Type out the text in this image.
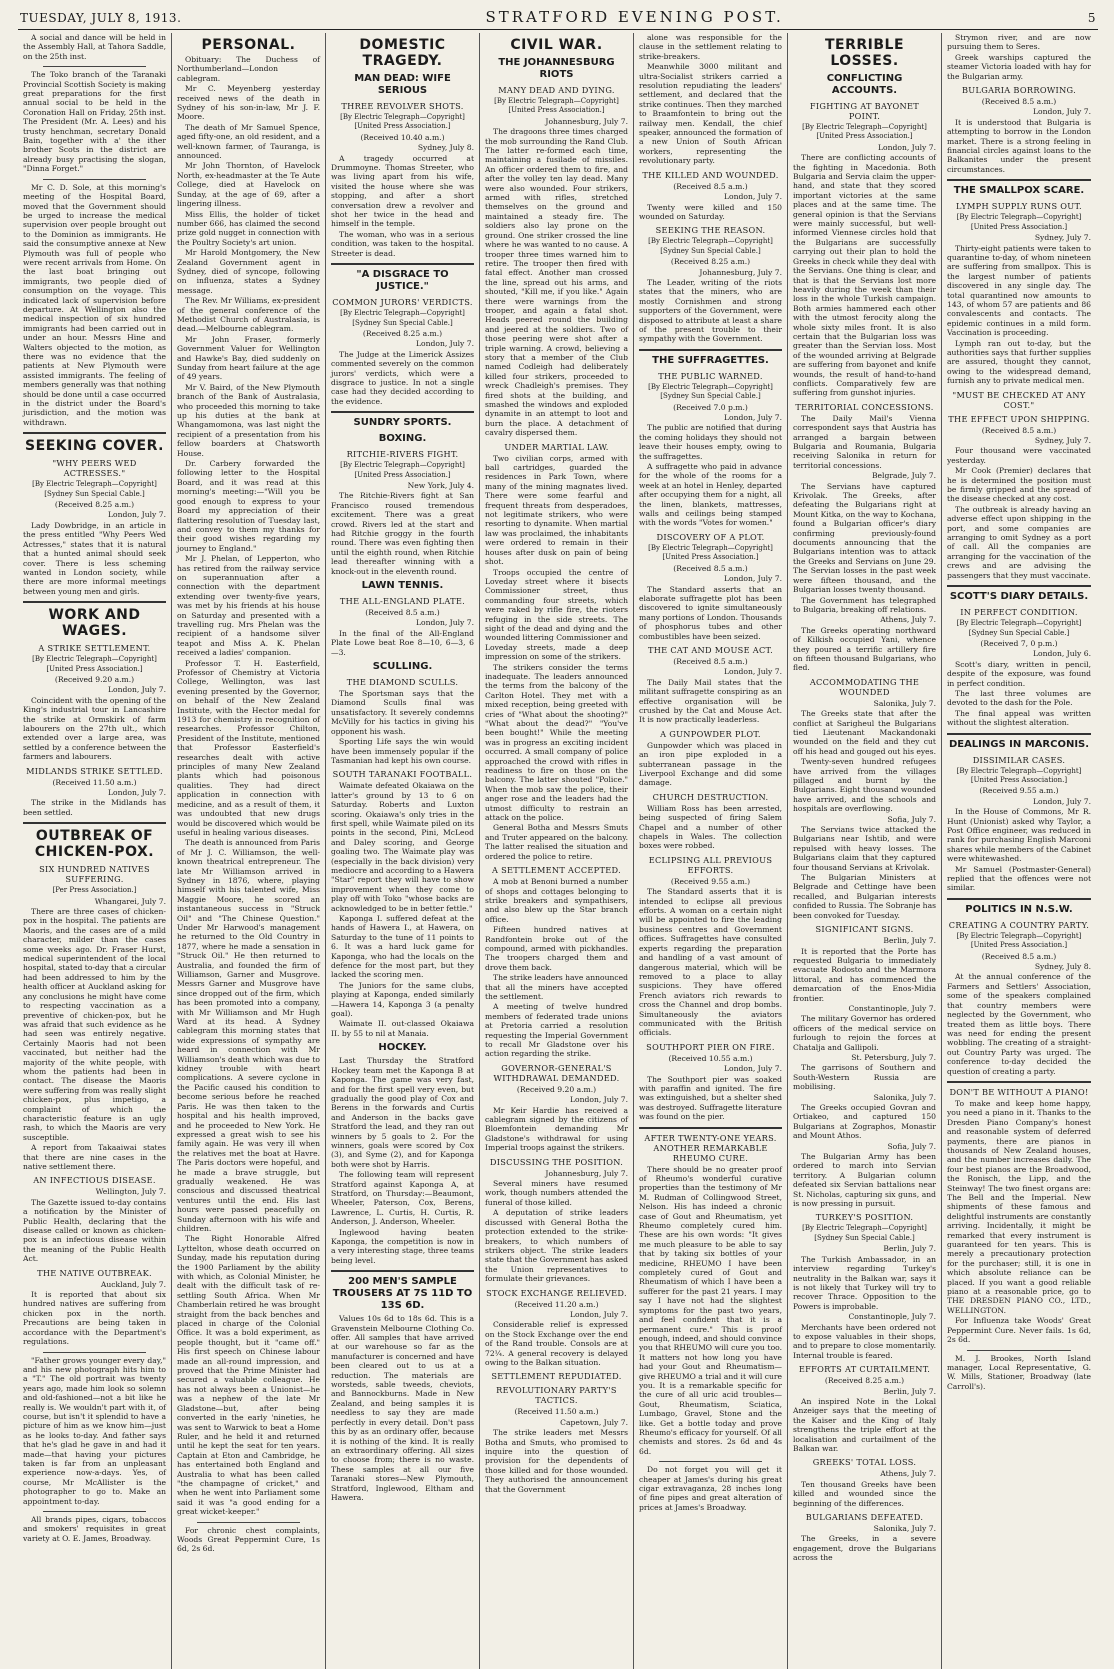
TUESDAY, JULY 8, 1913.	STRATFORD EVENING POST.	5

A social and dance will be held in the Assembly Hall, at Tahora Saddle, on the 25th inst.

The Toko branch of the Taranaki Provincial Scottish Society is making great preparations for the first annual social to be held in the Coronation Hall on Friday, 25th inst. The President (Mr. A. Lees) and his trusty henchman, secretary Donald Bain, together with a' the ither brother Scots in the district are already busy practising the slogan, "Dinna Forget."

Mr C. D. Sole, at this morning's meeting of the Hospital Board, moved that the Government should be urged to increase the medical supervision over people brought out to the Dominion as immigrants. He said the consumptive annexe at New Plymouth was full of people who were recent arrivals from Home. On the last boat bringing out immigrants, two people died of consumption on the voyage. This indicated lack of supervision before departure. At Wellington also the medical inspection of six hundred immigrants had been carried out in under an hour. Messrs Hine and Walters objected to the motion, as there was no evidence that the patients at New Plymouth were assisted immigrants. The feeling of members generally was that nothing should be done until a case occurred in the district under the Board's jurisdiction, and the motion was withdrawn.

SEEKING COVER.
"WHY PEERS WED ACTRESSES."

[By Electric Telegraph—Copyright] [Sydney Sun Special Cable.]

(Received 8.25 a.m.)

London, July 7.

Lady Dowbridge, in an article in the press entitled "Why Peers Wed Actresses," states that it is natural that a hunted animal should seek cover. There is less scheming wanted in London society, while there are more informal meetings between young men and girls.

WORK AND WAGES.
A STRIKE SETTLEMENT.

[By Electric Telegraph—Copyright] [United Press Association.]

(Received 9.20 a.m.)

London, July 7.

Coincident with the opening of the King's industrial tour in Lancashire the strike at Ormskirk of farm labourers on the 27th ult., which extended over a large area, was settled by a conference between the farmers and labourers.

MIDLANDS STRIKE SETTLED.

(Received 11.50 a.m.)

London, July 7.

The strike in the Midlands has been settled.

OUTBREAK OF CHICKEN-POX.
SIX HUNDRED NATIVES SUFFERING.

[Per Press Association.]

Whangarei, July 7.

There are three cases of chicken-pox in the hospital. The patients are Maoris, and the cases are of a mild character, milder than the cases some weeks ago. Dr. Fraser Hurst, medical superintendent of the local hospital, stated to-day that a circular had been addressed to him by the health officer at Auckland asking for any conclusions he might have come to respecting vaccination as a preventive of chicken-pox, but he was afraid that such evidence as he had seen was entirely negative. Certainly Maoris had not been vaccinated, but neither had the majority of the white people, with whom the patients had been in contact. The disease the Maoris were suffering from was really slight chicken-pox, plus impetigo, a complaint of which the characteristic feature is an ugly rash, to which the Maoris are very susceptible.

A report from Takaaiwai states that there are nine cases in the native settlement there.

AN INFECTIOUS DISEASE.

Wellington, July 7.

The Gazette issued to-day contains a notification by the Minister of Public Health, declaring that the disease called or known as chicken-pox is an infectious disease within the meaning of the Public Health Act.

THE NATIVE OUTBREAK.

Auckland, July 7.

It is reported that about six hundred natives are suffering from chicken pox in the north. Precautions are being taken in accordance with the Department's regulations.

"Father grows younger every day," and his new photograph hits him to a "T." The old portrait was twenty years ago, made him look so solemn and old-fashioned—not a bit like he really is. We wouldn't part with it, of course, but isn't it splendid to have a picture of him as we know him—just as he looks to-day. And father says that he's glad he gave in and had it made—that having your pictures taken is far from an unpleasant experience now-a-days. Yes, of course, Mr McAllister is the photographer to go to. Make an appointment to-day.

All brands pipes, cigars, tobaccos and smokers' requisites in great variety at O. E. James, Broadway.

PERSONAL.

Obituary: The Duchess of Northumberland—London cablegram.

Mr C. Meyenberg yesterday received news of the death in Sydney of his son-in-law, Mr J. F. Moore.

The death of Mr Samuel Spence, aged fifty-one, an old resident, and a well-known farmer, of Tauranga, is announced.

Mr John Thornton, of Havelock North, ex-headmaster at the Te Aute College, died at Havelock on Sunday, at the age of 69, after a lingering illness.

Miss Ellis, the holder of ticket number 666, has claimed the second prize gold nugget in connection with the Poultry Society's art union.

Mr Harold Montgomery, the New Zealand Government agent in Sydney, died of syncope, following on influenza, states a Sydney message.

The Rev. Mr Williams, ex-president of the general conference of the Methodist Church of Australasia, is dead.—Melbourne cablegram.

Mr John Fraser, formerly Government Valuer for Wellington and Hawke's Bay, died suddenly on Sunday from heart failure at the age of 49 years.

Mr V. Baird, of the New Plymouth branch of the Bank of Australasia, who proceeded this morning to take up his duties at the bank at Whangamomona, was last night the recipient of a presentation from his fellow boarders at Chatsworth House.

Dr. Carbery forwarded the following letter to the Hospital Board, and it was read at this morning's meeting:—"Will you be good enough to express to your Board my appreciation of their flattering resolution of Tuesday last, and convey to them my thanks for their good wishes regarding my journey to England."

Mr J. Phelan, of Lepperton, who has retired from the railway service on superannuation after a connection with the department extending over twenty-five years, was met by his friends at his house on Saturday and presented with a travelling rug. Mrs Phelan was the recipient of a handsome silver teapot and Miss A. K. Phelan received a ladies' companion.

Professor T. H. Easterfield, Professor of Chemistry at Victoria College, Wellington, was last evening presented by the Governor, on behalf of the New Zealand Institute, with the Hector medal for 1913 for chemistry in recognition of researches. Professor Chilton, President of the Institute, mentioned that Professor Easterfield's researches dealt with active principles of many New Zealand plants which had poisonous qualities. They had direct application in connection with medicine, and as a result of them, it was undoubted that new drugs would be discovered which would be useful in healing various diseases.

The death is announced from Paris of Mr J. C. Williamson, the well-known theatrical entrepreneur. The late Mr Williamson arrived in Sydney in 1876, where, playing himself with his talented wife, Miss Maggie Moore, he scored an instantaneous success in "Struck Oil" and "The Chinese Question." Under Mr Harwood's management he returned to the Old Country in 1877, where he made a sensation in "Struck Oil." He then returned to Australia, and founded the firm of Williamson, Garner and Musgrove. Messrs Garner and Musgrove have since dropped out of the firm, which has been promoted into a company, with Mr Williamson and Mr Hugh Ward at its head. A Sydney cablegram this morning states that wide expressions of sympathy are heard in connection with Mr Williamson's death which was due to kidney trouble with heart complications. A severe cyclone in the Pacific caused his condition to become serious before he reached Paris. He was then taken to the hospital and his health improved, and he proceeded to New York. He expressed a great wish to see his family again. He was very ill when the relatives met the boat at Havre. The Paris doctors were hopeful, and he made a brave struggle, but gradually weakened. He was conscious and discussed theatrical ventures until the end. His last hours were passed peacefully on Sunday afternoon with his wife and children.

The Right Honorable Alfred Lyttelton, whose death occurred on Sunday, made his reputation during the 1900 Parliament by the ability with which, as Colonial Minister, he dealt with the difficult task of re-settling South Africa. When Mr Chamberlain retired he was brought straight from the back benches and placed in charge of the Colonial Office. It was a bold experiment, as people thought, but it "came off." His first speech on Chinese labour made an all-round impression, and proved that the Prime Minister had secured a valuable colleague. He has not always been a Unionist—he was a nephew of the late Mr Gladstone—but, after being converted in the early 'nineties, he was sent to Warwick to beat a Home Ruler, and he held it and returned until he kept the seat for ten years. Captain at Eton and Cambridge, he has entertained both England and Australia to what has been called "the champagne of cricket," and when he went into Parliament some said it was "a good ending for a great wicket-keeper."

For chronic chest complaints, Woods Great Peppermint Cure, 1s 6d, 2s 6d.

DOMESTIC TRAGEDY.
MAN DEAD: WIFE SERIOUS
THREE REVOLVER SHOTS.

[By Electric Telegraph—Copyright] [United Press Association.]

(Received 10.40 a.m.)

Sydney, July 8.

A tragedy occurred at Drummoyne. Thomas Streeter, who was living apart from his wife, visited the house where she was stopping, and after a short conversation drew a revolver and shot her twice in the head and himself in the temple.

The woman, who was in a serious condition, was taken to the hospital. Streeter is dead.

"A DISGRACE TO JUSTICE."
COMMON JURORS' VERDICTS.

[By Electric Telegraph—Copyright] [Sydney Sun Special Cable.]

(Received 8.25 a.m.)

London, July 7.

The Judge at the Limerick Assizes commented severely on the common jurors' verdicts, which were a disgrace to justice. In not a single case had they decided according to the evidence.

SUNDRY SPORTS.
BOXING.
RITCHIE-RIVERS FIGHT.

[By Electric Telegraph—Copyright] [United Press Association.]

New York, July 4.

The Ritchie-Rivers fight at San Francisco roused tremendous excitement. There was a great crowd. Rivers led at the start and had Ritchie groggy in the fourth round. There was even fighting then until the eighth round, when Ritchie lead thereafter winning with a knock-out in the eleventh round.

LAWN TENNIS.
THE ALL-ENGLAND PLATE.

(Received 8.5 a.m.)

London, July 7.

In the final of the All-England Plate Lowe beat Roe 8—10, 6—3, 6—3.

SCULLING.
THE DIAMOND SCULLS.

The Sportsman says that the Diamond Sculls final was unsatisfactory. It severely condemns McVilly for his tactics in giving his opponent his wash.

Sporting Life says the win would have been immensely popular if the Tasmanian had kept his own course.

SOUTH TARANAKI FOOTBALL.

Waimate defeated Okaiawa on the latter's ground by 13 to 6 on Saturday. Roberts and Luxton scoring. Okaiawa's only tries in the first spell, while Waimate piled on its points in the second, Pini, McLeod and Daley scoring, and George goaling two. The Waimate play was (especially in the back division) very mediocre and according to a Hawera "Star" report they will have to show improvement when they come to play off with Toko "whose backs are acknowledged to be in better fettle."

Kaponga I. suffered defeat at the hands of Hawera I., at Hawera, on Saturday to the tune of 11 points to 6. It was a hard luck game for Kaponga, who had the locals on the defence for the most part, but they lacked the scoring men.

The Juniors for the same clubs, playing at Kaponga, ended similarly—Hawera 14, Kaponga 3 (a penalty goal).

Waimate II. out-classed Okaiawa II. by 55 to nil at Manaia.

HOCKEY.

Last Thursday the Stratford Hockey team met the Kaponga B at Kaponga. The game was very fast, and for the first spell very even, but gradually the good play of Cox and Berens in the forwards and Curtis and Anderson in the backs gave Stratford the lead, and they ran out winners by 5 goals to 2. For the winners, goals were scored by Cox (3), and Syme (2), and for Kaponga both were shot by Harris.

The following team will represent Stratford against Kaponga A, at Stratford, on Thursday:—Beaumont, Wheeler, Paterson, Cox, Berens, Lawrence, L. Curtis, H. Curtis, R. Anderson, J. Anderson, Wheeler.

Inglewood having beaten Kaponga, the competition is now in a very interesting stage, three teams being level.

200 MEN'S SAMPLE TROUSERS AT 7S 11D TO 13S 6D.

Values 10s 6d to 18s 6d. This is a Gravenstein Melbourne Clothing Co. offer. All samples that have arrived at our warehouse so far as the manufacturer is concerned and have been cleared out to us at a reduction. The materials are worsteds, sable tweeds, cheviots, and Bannockburns. Made in New Zealand, and being samples it is needless to say they are made perfectly in every detail. Don't pass this by as an ordinary offer, because it is nothing of the kind. It is really an extraordinary offering. All sizes to choose from; there is no waste. These samples at all our five Taranaki stores—New Plymouth, Stratford, Inglewood, Eltham and Hawera.

CIVIL WAR.
THE JOHANNESBURG RIOTS
MANY DEAD AND DYING.

[By Electric Telegraph—Copyright] [United Press Association.]

Johannesburg, July 7.

The dragoons three times charged the mob surrounding the Rand Club. The latter re-formed each time, maintaining a fusilade of missiles. An officer ordered them to fire, and after the volley ten lay dead. Many were also wounded. Four strikers, armed with rifles, stretched themselves on the ground and maintained a steady fire. The soldiers also lay prone on the ground. One striker crossed the line where he was wanted to no cause. A trooper three times warned him to retire. The trooper then fired with fatal effect. Another man crossed the line, spread out his arms, and shouted, "Kill me, if you like." Again there were warnings from the trooper, and again a fatal shot. Heads peered round the building and jeered at the soldiers. Two of those peering were shot after a triple warning. A crowd, believing a story that a member of the Club named Codleigh had deliberately killed four strikers, proceeded to wreck Chadleigh's premises. They fired shots at the building, and smashed the windows and exploded dynamite in an attempt to loot and burn the place. A detachment of cavalry dispersed them.

UNDER MARTIAL LAW.

Two civilian corps, armed with ball cartridges, guarded the residences in Park Town, where many of the mining magnates lived. There were some fearful and frequent threats from desperadoes, not legitimate strikers, who were resorting to dynamite. When martial law was proclaimed, the inhabitants were ordered to remain in their houses after dusk on pain of being shot.

Troops occupied the centre of Loveday street where it bisects Commissioner street, thus commanding four streets, which were raked by rifle fire, the rioters refuging in the side streets. The sight of the dead and dying and the wounded littering Commissioner and Loveday streets, made a deep impression on some of the strikers.

The strikers consider the terms inadequate. The leaders announced the terms from the balcony of the Carlton Hotel. They met with a mixed reception, being greeted with cries of "What about the shooting?" "What about the dead?" "You've been bought!" While the meeting was in progress an exciting incident occurred. A small company of police approached the crowd with rifles in readiness to fire on those on the balcony. The latter shouted "Police." When the mob saw the police, their anger rose and the leaders had the utmost difficulty to restrain an attack on the police.

General Botha and Messrs Smuts and Truter appeared on the balcony. The latter realised the situation and ordered the police to retire.

A SETTLEMENT ACCEPTED.

A mob at Benoni burned a number of shops and cottages belonging to strike breakers and sympathisers, and also blew up the Star branch office.

Fifteen hundred natives at Randfontein broke out of the compound, armed with pickhandles. The troopers charged them and drove them back.

The strike leaders have announced that all the miners have accepted the settlement.

A meeting of twelve hundred members of federated trade unions at Pretoria carried a resolution requesting the Imperial Government to recall Mr Gladstone over his action regarding the strike.

GOVERNOR-GENERAL'S WITHDRAWAL DEMANDED.

(Received 9.20 a.m.)

London, July 7.

Mr Keir Hardie has received a cablegram signed by the citizens of Bloemfontein demanding Mr Gladstone's withdrawal for using Imperial troops against the strikers.

DISCUSSING THE POSITION.

Johannesburg, July 7.

Several miners have resumed work, though numbers attended the funeral of those killed.

A deputation of strike leaders discussed with General Botha the protection extended to the strike-breakers, to which numbers of strikers object. The strike leaders state that the Government has asked the Union representatives to formulate their grievances.

STOCK EXCHANGE RELIEVED.

(Received 11.20 a.m.)

London, July 7.

Considerable relief is expressed on the Stock Exchange over the end of the Rand trouble. Consols are at 72¼. A general recovery is delayed owing to the Balkan situation.

SETTLEMENT REPUDIATED.
REVOLUTIONARY PARTY'S TACTICS.

(Received 11.50 a.m.)

Capetown, July 7.

The strike leaders met Messrs Botha and Smuts, who promised to inquire into the question of provision for the dependents of those killed and for those wounded. They authorised the announcement that the Government

alone was responsible for the clause in the settlement relating to strike-breakers.

Meanwhile 3000 militant and ultra-Socialist strikers carried a resolution repudiating the leaders' settlement, and declared that the strike continues. Then they marched to Braamfontein to bring out the railway men. Kendall, the chief speaker, announced the formation of a new Union of South African workers, representing the revolutionary party.

THE KILLED AND WOUNDED.

(Received 8.5 a.m.)

London, July 7.

Twenty were killed and 150 wounded on Saturday.

SEEKING THE REASON.

[By Electric Telegraph—Copyright] [Sydney Sun Special Cable.]

(Received 8.25 a.m.)

Johannesburg, July 7.

The Leader, writing of the riots states that the miners, who are mostly Cornishmen and strong supporters of the Government, were disposed to attribute at least a share of the present trouble to their sympathy with the Government.

THE SUFFRAGETTES.
THE PUBLIC WARNED.

[By Electric Telegraph—Copyright] [Sydney Sun Special Cable.]

(Received 7.0 p.m.)

London, July 7.

The public are notified that during the coming holidays they should not leave their houses empty, owing to the suffragettes.

A suffragette who paid in advance for the whole of the rooms for a week at an hotel in Henley, departed after occupying them for a night, all the linen, blankets, mattresses, walls and ceilings being stamped with the words "Votes for women."

DISCOVERY OF A PLOT.

[By Electric Telegraph—Copyright] [United Press Association.]

(Received 8.5 a.m.)

London, July 7.

The Standard asserts that an elaborate suffragette plot has been discovered to ignite simultaneously many portions of London. Thousands of phosphorus tubes and other combustibles have been seized.

THE CAT AND MOUSE ACT.

(Received 8.5 a.m.)

London, July 7.

The Daily Mail states that the militant suffragette conspiring as an effective organisation will be crushed by the Cat and Mouse Act. It is now practically leaderless.

A GUNPOWDER PLOT.

Gunpowder which was placed in an iron pipe exploded in a subterranean passage in the Liverpool Exchange and did some damage.

CHURCH DESTRUCTION.

William Ross has been arrested, being suspected of firing Salem Chapel and a number of other chapels in Wales. The collection boxes were robbed.

ECLIPSING ALL PREVIOUS EFFORTS.

(Received 9.55 a.m.)

The Standard asserts that it is intended to eclipse all previous efforts. A woman on a certain night will be appointed to fire the leading business centres and Government offices. Suffragettes have consulted experts regarding the preparation and handling of a vast amount of dangerous material, which will be removed to a place to allay suspicions. They have offered French aviators rich rewards to cross the Channel and drop bombs. Simultaneously the aviators communicated with the British officials.

SOUTHPORT PIER ON FIRE.

(Received 10.55 a.m.)

London, July 7.

The Southport pier was soaked with paraffin and ignited. The fire was extinguished, but a shelter shed was destroyed. Suffragette literature was found on the pier.

AFTER TWENTY-ONE YEARS. ANOTHER REMARKABLE RHEUMO CURE.

There should be no greater proof of Rheumo's wonderful curative properties than the testimony of Mr M. Rudman of Collingwood Street, Nelson. His has indeed a chronic case of Gout and Rheumatism, yet Rheumo completely cured him. These are his own words: "It gives me much pleasure to be able to say that by taking six bottles of your medicine, RHEUMO I have been completely cured of Gout and Rheumatism of which I have been a sufferer for the past 21 years. I may say I have not had the slightest symptoms for the past two years, and feel confident that it is a permanent cure." This is proof enough, indeed, and should convince you that RHEUMO will cure you too. It matters not how long you have had your Gout and Rheumatism—give RHEUMO a trial and it will cure you. It is a remarkable specific for the cure of all uric acid troubles—Gout, Rheumatism, Sciatica, Lumbago, Gravel, Stone and the like. Get a bottle today and prove Rheumo's efficacy for yourself. Of all chemists and stores. 2s 6d and 4s 6d.

Do not forget you will get it cheaper at James's during his great cigar extravaganza, 28 inches long of fine pipes and great alteration of prices at James's Broadway.

TERRIBLE LOSSES.
CONFLICTING ACCOUNTS.
FIGHTING AT BAYONET POINT.

[By Electric Telegraph—Copyright] [United Press Association.]

London, July 7.

There are conflicting accounts of the fighting in Macedonia. Both Bulgaria and Servia claim the upper-hand, and state that they scored important victories at the same places and at the same time. The general opinion is that the Servians were mainly successful, but well-informed Viennese circles hold that the Bulgarians are successfully carrying out their plan to hold the Greeks in check while they deal with the Servians. One thing is clear, and that is that the Servians lost more heavily during the week than their loss in the whole Turkish campaign. Both armies hammered each other with the utmost ferocity along the whole sixty miles front. It is also certain that the Bulgarian loss was greater than the Servian loss. Most of the wounded arriving at Belgrade are suffering from bayonet and knife wounds, the result of hand-to-hand conflicts. Comparatively few are suffering from gunshot injuries.

TERRITORIAL CONCESSIONS.

The Daily Mail's Vienna correspondent says that Austria has arranged a bargain between Bulgaria and Roumania, Bulgaria receiving Salonika in return for territorial concessions.

Belgrade, July 7.

The Servians have captured Krivolak. The Greeks, after defeating the Bulgarians right at Mount Kitka, on the way to Kochana, found a Bulgarian officer's diary confirming previously-found documents announcing that the Bulgarians intention was to attack the Greeks and Servians on June 29. The Servian losses in the past week were fifteen thousand, and the Bulgarian losses twenty thousand.

The Government has telegraphed to Bulgaria, breaking off relations.

Athens, July 7.

The Greeks operating northward of Kilkish occupied Yani, whence they poured a terrific artillery fire on fifteen thousand Bulgarians, who fled.

ACCOMMODATING THE WOUNDED

Salonika, July 7.

The Greeks state that after the conflict at Sarigheul the Bulgarians tied Lieutenant Mackandonaki wounded on the field and they cut off his head and gouged out his eyes.

Twenty-seven hundred refugees have arrived from the villages pillaged and burnt by the Bulgarians. Eight thousand wounded have arrived, and the schools and hospitals are overflowing.

Sofia, July 7.

The Servians twice attacked the Bulgarians near Ishtib, and were repulsed with heavy losses. The Bulgarians claim that they captured four thousand Servians at Krivolak.

The Bulgarian Ministers at Belgrade and Cettinge have been recalled, and Bulgarian interests confided to Russia. The Sobranje has been convoked for Tuesday.

SIGNIFICANT SIGNS.

Berlin, July 7.

It is reported that the Porte has requested Bulgaria to immediately evacuate Rodosto and the Marmora littoral, and has commenced the demarcation of the Enos-Midia frontier.

Constantinople, July 7.

The military Governor has ordered officers of the medical service on furlough to rejoin the forces at Chatalja and Gallipoli.

St. Petersburg, July 7.

The garrisons of Southern and South-Western Russia are mobilising.

Salonika, July 7.

The Greeks occupied Govran and Ortiakeo, and captured 150 Bulgarians at Zographos, Monastir and Mount Athos.

Sofia, July 7.

The Bulgarian Army has been ordered to march into Servian territory. A Bulgarian column defeated six Servian battalions near St. Nicholas, capturing six guns, and is now pressing in pursuit.

TURKEY'S POSITION.

[By Electric Telegraph—Copyright] [Sydney Sun Special Cable.]

Berlin, July 7.

The Turkish Ambassador, in an interview regarding Turkey's neutrality in the Balkan war, says it is not likely that Turkey will try to recover Thrace. Opposition to the Powers is improbable.

Constantinople, July 7.

Merchants have been ordered not to expose valuables in their shops, and to prepare to close momentarily. Internal trouble is feared.

EFFORTS AT CURTAILMENT.

(Received 8.25 a.m.)

Berlin, July 7.

An inspired Note in the Lokal Anzeiger says that the meeting of the Kaiser and the King of Italy strengthens the triple effort at the localisation and curtailment of the Balkan war.

GREEKS' TOTAL LOSS.

Athens, July 7.

Ten thousand Greeks have been killed and wounded since the beginning of the differences.

BULGARIANS DEFEATED.

Salonika, July 7.

The Greeks, in a severe engagement, drove the Bulgarians across the

Strymon river, and are now pursuing them to Seres.

Greek warships captured the steamer Victoria loaded with hay for the Bulgarian army.

BULGARIA BORROWING.

(Received 8.5 a.m.)

London, July 7.

It is understood that Bulgaria is attempting to borrow in the London market. There is a strong feeling in financial circles against loans to the Balkanites under the present circumstances.

THE SMALLPOX SCARE.
LYMPH SUPPLY RUNS OUT.

[By Electric Telegraph—Copyright] [United Press Association.]

Sydney, July 7.

Thirty-eight patients were taken to quarantine to-day, of whom nineteen are suffering from smallpox. This is the largest number of patients discovered in any single day. The total quarantined now amounts to 143, of whom 57 are patients and 86 convalescents and contacts. The epidemic continues in a mild form. Vaccination is proceeding.

Lymph ran out to-day, but the authorities says that further supplies are assured, thought they cannot, owing to the widespread demand, furnish any to private medical men.

"MUST BE CHECKED AT ANY COST."
THE EFFECT UPON SHIPPING.

(Received 8.5 a.m.)

Sydney, July 7.

Four thousand were vaccinated yesterday.

Mr Cook (Premier) declares that he is determined the position must be firmly gripped and the spread of the disease checked at any cost.

The outbreak is already having an adverse effect upon shipping in the port, and some companies are arranging to omit Sydney as a port of call. All the companies are arranging for the vaccination of the crews and are advising the passengers that they must vaccinate.

SCOTT'S DIARY DETAILS.
IN PERFECT CONDITION.

[By Electric Telegraph—Copyright] [Sydney Sun Special Cable.]

(Received 7, 0 p.m.)

London, July 6.

Scott's diary, written in pencil, despite of the exposure, was found in perfect condition.

The last three volumes are devoted to the dash for the Pole.

The final appeal was written without the slightest alteration.

DEALINGS IN MARCONIS.
DISSIMILAR CASES.

[By Electric Telegraph—Copyright] [United Press Association.]

(Received 9.55 a.m.)

London, July 7.

In the House of Commons, Mr R. Hunt (Unionist) asked why Taylor, a Post Office engineer, was reduced in rank for purchasing English Marconi shares while members of the Cabinet were whitewashed.

Mr Samuel (Postmaster-General) replied that the offences were not similar.

POLITICS IN N.S.W.
CREATING A COUNTRY PARTY.

[By Electric Telegraph—Copyright] [United Press Association.]

(Received 8.5 a.m.)

Sydney, July 8.

At the annual conference of the Farmers and Settlers' Association, some of the speakers complained that country members were neglected by the Government, who treated them as little boys. There was need for ending the present wobbling. The creating of a straight-out Country Party was urged. The conference to-day decided the question of creating a party.

DON'T BE WITHOUT A PIANO!

To make and keep home happy, you need a piano in it. Thanks to the Dresden Piano Company's honest and reasonable system of deferred payments, there are pianos in thousands of New Zealand houses, and the number increases daily. The four best pianos are the Broadwood, the Ronisch, the Lipp, and the Steinway! The two finest organs are: The Bell and the Imperial. New shipments of these famous and delightful instruments are constantly arriving. Incidentally, it might be remarked that every instrument is guaranteed for ten years. This is merely a precautionary protection for the purchaser; still, it is one in which absolute reliance can be placed. If you want a good reliable piano at a reasonable price, go to THE DRESDEN PIANO CO., LTD., WELLINGTON.

For Influenza take Woods' Great Peppermint Cure. Never fails. 1s 6d, 2s 6d.

M. J. Brookes, North Island manager, Local Representative, G. W. Mills, Stationer, Broadway (late Carroll's).
